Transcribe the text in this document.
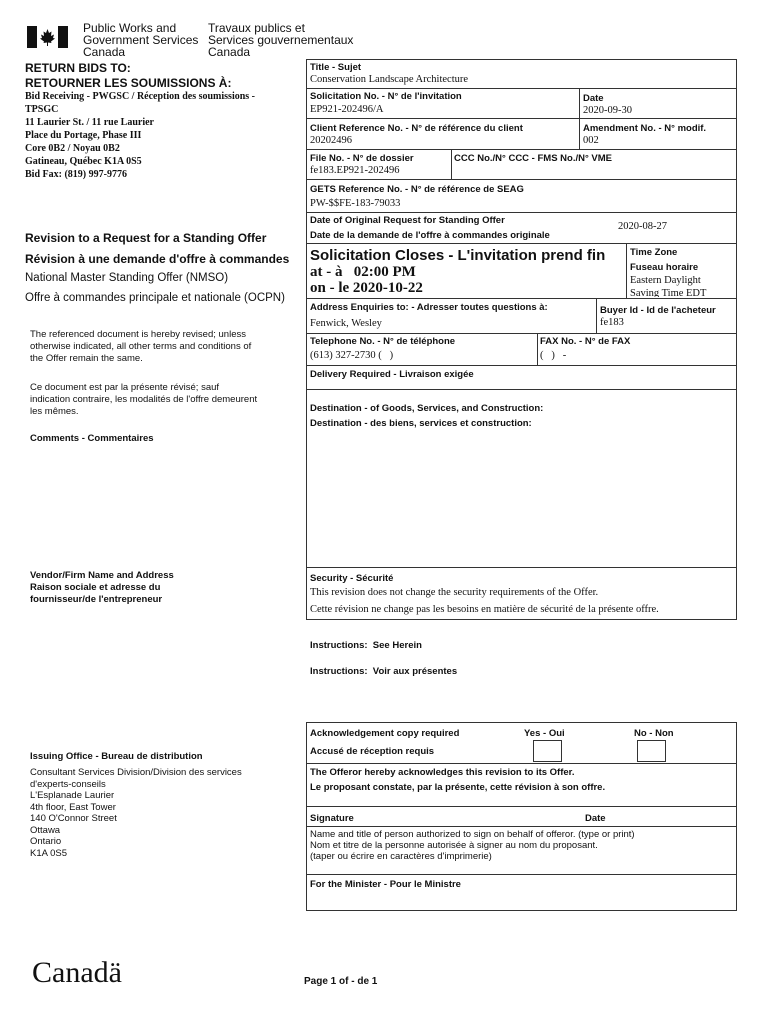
Public Works and
Government Services
Canada
Travaux publics et
Services gouvernementaux
Canada
RETURN BIDS TO:
RETOURNER LES SOUMISSIONS À:
Bid Receiving - PWGSC / Réception des soumissions -
TPSGC
11 Laurier St. / 11 rue Laurier
Place du Portage, Phase III
Core 0B2 / Noyau 0B2
Gatineau, Québec K1A 0S5
Bid Fax: (819) 997-9776
Revision to a Request for a Standing Offer
Révision à une demande d'offre à commandes
National Master Standing Offer (NMSO)
Offre à commandes principale et nationale (OCPN)
The referenced document is hereby revised; unless
otherwise indicated, all other terms and conditions of
the Offer remain the same.
Ce document est par la présente révisé; sauf
indication contraire, les modalités de l'offre demeurent
les mêmes.
Comments - Commentaires
Vendor/Firm Name and Address
Raison sociale et adresse du
fournisseur/de l'entrepreneur
Issuing Office - Bureau de distribution
Consultant Services Division/Division des services
d'experts-conseils
L'Esplanade Laurier
4th floor, East Tower
140 O'Connor Street
Ottawa
Ontario
K1A 0S5
Title - Sujet
Conservation Landscape Architecture
Solicitation No. - N° de l'invitation
EP921-202496/A
Date
2020-09-30
Client Reference No. - N° de référence du client
20202496
Amendment No. - N° modif.
002
File No. - N° de dossier
fe183.EP921-202496
CCC No./N° CCC - FMS No./N° VME
GETS Reference No. - N° de référence de SEAG
PW-$$FE-183-79033
Date of Original Request for Standing Offer
Date de la demande de l'offre à commandes originale
2020-08-27
Solicitation Closes - L'invitation prend fin
at - à   02:00 PM
on - le 2020-10-22
Time Zone
Fuseau horaire
Eastern Daylight
Saving Time EDT
Address Enquiries to: - Adresser toutes questions à:
Fenwick, Wesley
Buyer Id - Id de l'acheteur
fe183
Telephone No. - N° de téléphone
(613) 327-2730 (   )
FAX No. - N° de FAX
(   )   -
Delivery Required - Livraison exigée
Destination - of Goods, Services, and Construction:
Destination - des biens, services et construction:
Security - Sécurité
This revision does not change the security requirements of the Offer.
Cette révision ne change pas les besoins en matière de sécurité de la présente offre.
Instructions:  See Herein
Instructions:  Voir aux présentes
Acknowledgement copy required
Accusé de réception requis
Yes - Oui	No - Non
The Offeror hereby acknowledges this revision to its Offer.
Le proposant constate, par la présente, cette révision à son offre.
Signature	Date
Name and title of person authorized to sign on behalf of offeror. (type or print)
Nom et titre de la personne autorisée à signer au nom du proposant.
(taper ou écrire en caractères d'imprimerie)
For the Minister - Pour le Ministre
Canadä	Page 1 of - de 1
